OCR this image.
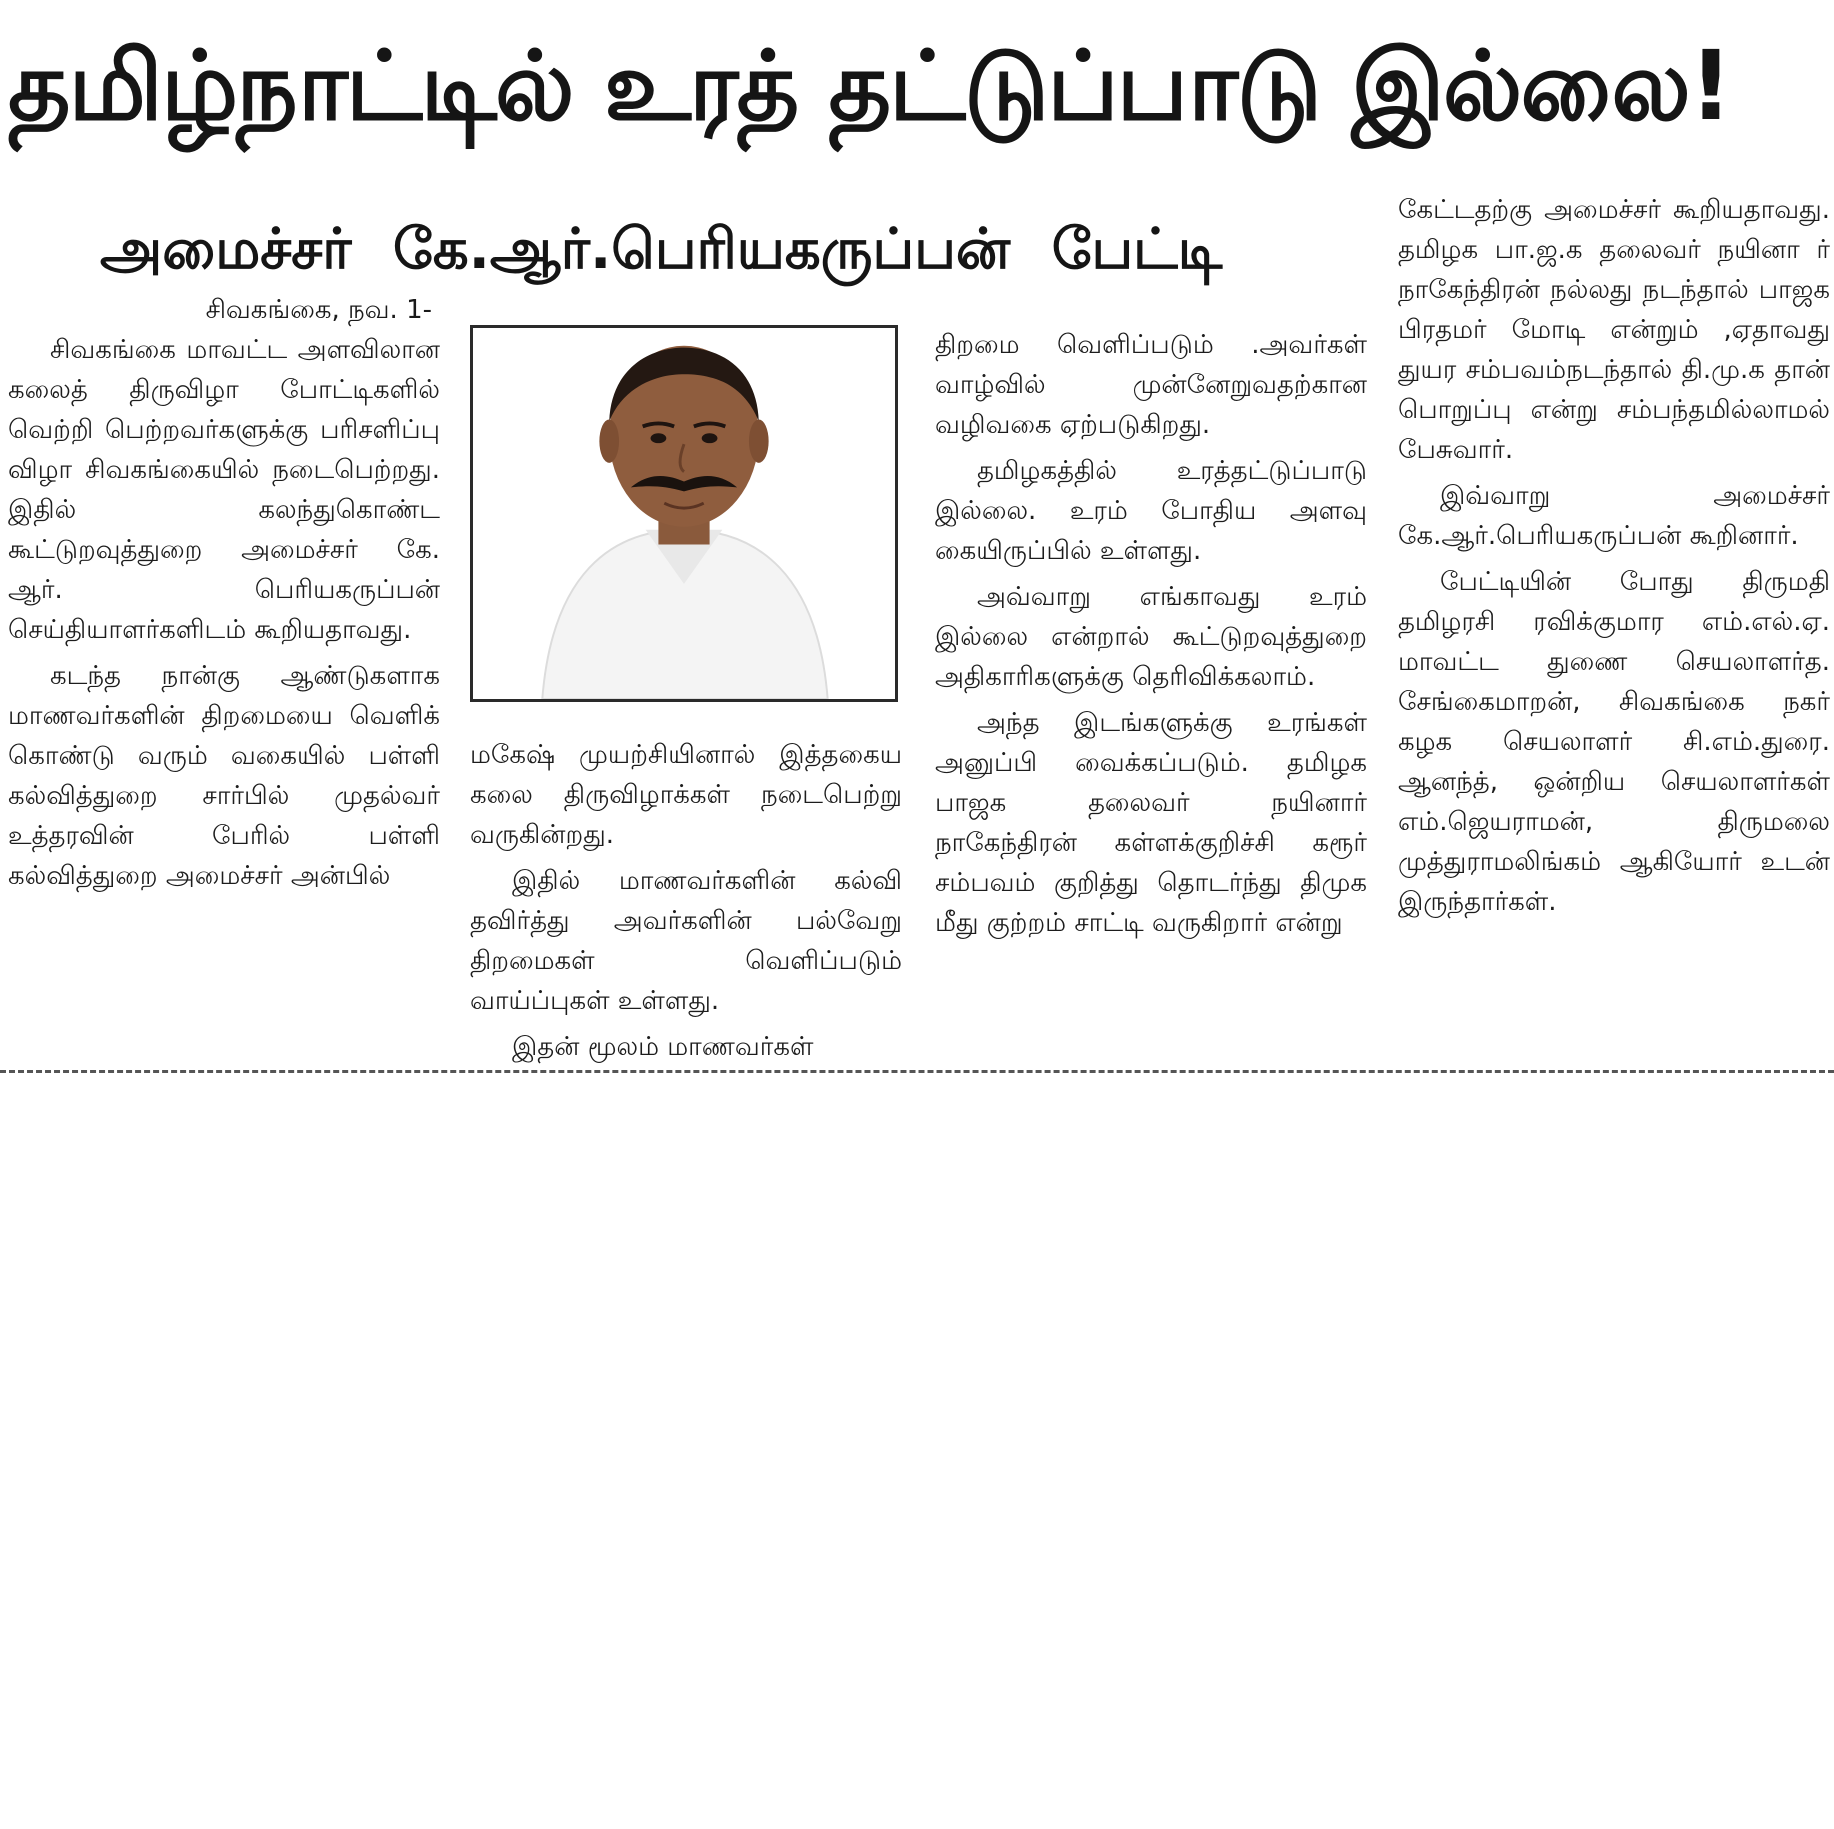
தமிழ்நாட்டில் உரத் தட்டுப்பாடு இல்லை!
அமைச்சர் கே.ஆர்.பெரியகருப்பன் பேட்டி
சிவகங்கை, நவ. 1-

சிவகங்கை மாவட்ட அளவிலான கலைத் திருவிழா போட்டிகளில் வெற்றி பெற்றவர்களுக்கு பரிசளிப்பு விழா சிவகங்கையில் நடைபெற்றது. இதில் கலந்துகொண்ட கூட்டுறவுத்துறை அமைச்சர் கே. ஆர். பெரியகருப்பன் செய்தியாளர்களிடம் கூறியதாவது.

கடந்த நான்கு ஆண்டுகளாக மாணவர்களின் திறமையை வெளிக் கொண்டு வரும் வகையில் பள்ளி கல்வித்துறை சார்பில் முதல்வர் உத்தரவின் பேரில் பள்ளி கல்வித்துறை அமைச்சர் அன்பில்

மகேஷ் முயற்சியினால் இத்தகைய கலை திருவிழாக்கள் நடைபெற்று வருகின்றது.

இதில் மாணவர்களின் கல்வி தவிர்த்து அவர்களின் பல்வேறு திறமைகள் வெளிப்படும் வாய்ப்புகள் உள்ளது.

இதன் மூலம் மாணவர்கள்

திறமை வெளிப்படும் .அவர்கள் வாழ்வில் முன்னேறுவதற்கான வழிவகை ஏற்படுகிறது.

தமிழகத்தில் உரத்தட்டுப்பாடு இல்லை. உரம் போதிய அளவு கையிருப்பில் உள்ளது.

அவ்வாறு எங்காவது உரம் இல்லை என்றால் கூட்டுறவுத்துறை அதிகாரிகளுக்கு தெரிவிக்கலாம்.

அந்த இடங்களுக்கு உரங்கள் அனுப்பி வைக்கப்படும். தமிழக பாஜக தலைவர் நயினார் நாகேந்திரன் கள்ளக்குறிச்சி கரூர் சம்பவம் குறித்து தொடர்ந்து திமுக மீது குற்றம் சாட்டி வருகிறார் என்று

கேட்டதற்கு அமைச்சர் கூறியதாவது. தமிழக பா.ஜ.க தலைவர் நயினா ர் நாகேந்திரன் நல்லது நடந்தால் பாஜக பிரதமர் மோடி என்றும் ,ஏதாவது துயர சம்பவம்நடந்தால் தி.மு.க தான் பொறுப்பு என்று சம்பந்தமில்லாமல் பேசுவார்.

இவ்வாறு அமைச்சர் கே.ஆர்.பெரியகருப்பன் கூறினார்.

பேட்டியின் போது திருமதி தமிழரசி ரவிக்குமார எம்.எல்.ஏ. மாவட்ட துணை செயலாளர்த. சேங்கைமாறன், சிவகங்கை நகர் கழக செயலாளர் சி.எம்.துரை. ஆனந்த், ஒன்றிய செயலாளர்கள் எம்.ஜெயராமன், திருமலை முத்துராமலிங்கம் ஆகியோர் உடன் இருந்தார்கள்.
